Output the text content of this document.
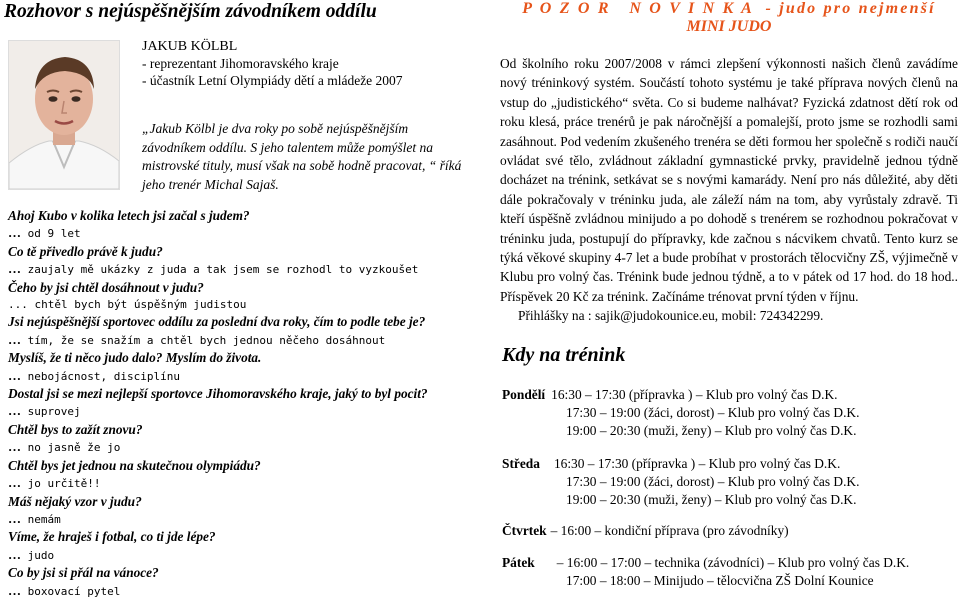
Rozhovor s nejúspěšnějším závodníkem oddílu
JAKUB KÖLBL
- reprezentant Jihomoravského kraje
- účastník Letní Olympiády dětí a mládeže 2007
„Jakub Kölbl je dva roky po sobě nejúspěšnějším závodníkem oddílu. S jeho talentem může pomýšlet na mistrovské tituly, musí však na sobě hodně pracovat, “ říká jeho trenér Michal Sajaš.
Ahoj Kubo v kolika letech jsi začal s judem?
… od 9 let
Co tě přivedlo právě k judu?
… zaujaly mě ukázky z juda a tak jsem se rozhodl to vyzkoušet
Čeho by jsi chtěl dosáhnout v judu?
... chtěl bych být úspěšným judistou
Jsi nejúspěšnější sportovec oddílu za poslední dva roky, čím to podle tebe je?
… tím, že se snažím a chtěl bych jednou něčeho dosáhnout
Myslíš, že ti něco judo dalo? Myslím do života.
… nebojácnost, disciplínu
Dostal jsi se mezi nejlepší sportovce Jihomoravského kraje, jaký to byl pocit?
… suprovej
Chtěl bys to zažít znovu?
… no jasně že jo
Chtěl bys jet jednou na skutečnou olympiádu?
… jo určitě!!
Máš nějaký vzor v judu?
… nemám
Víme, že hraješ i fotbal, co ti jde lépe?
… judo
Co by jsi si přál na vánoce?
… boxovací pytel
P O Z O R   N O V I N K A  - judo pro nejmenší
MINI JUDO

Od školního roku 2007/2008 v rámci zlepšení výkonnosti našich členů zavádíme nový tréninkový systém. Součástí tohoto systému je také příprava nových členů na vstup do „judistického“ světa. Co si budeme nalhávat? Fyzická zdatnost dětí rok od roku klesá, práce trenérů je pak náročnější a pomalejší, proto jsme se rozhodli sami zasáhnout. Pod vedením zkušeného trenéra se děti formou her společně s rodiči naučí ovládat své tělo, zvládnout základní gymnastické prvky, pravidelně jednou týdně docházet na trénink, setkávat se s novými kamarády. Není pro nás důležité, aby děti dále pokračovaly v tréninku juda, ale záleží nám na tom, aby vyrůstaly zdravě. Ti kteří úspěšně zvládnou minijudo a po dohodě s trenérem se rozhodnou pokračovat v tréninku juda, postupují do přípravky, kde začnou s nácvikem chvatů. Tento kurz se týká věkové skupiny 4-7 let a bude probíhat v prostorách tělocvičny ZŠ, výjimečně v Klubu pro volný čas. Trénink bude jednou týdně, a to v pátek od 17 hod. do 18 hod.. Příspěvek 20 Kč za trénink. Začínáme trénovat první týden v říjnu.

Přihlášky na : sajik@judokounice.eu, mobil: 724342299.

Kdy na trénink
Pondělí 16:30 – 17:30 (přípravka ) – Klub pro volný čas D.K.
17:30 – 19:00 (žáci, dorost) – Klub pro volný čas D.K.
19:00 – 20:30 (muži, ženy) – Klub pro volný čas D.K.
Středa 16:30 – 17:30 (přípravka ) – Klub pro volný čas D.K.
17:30 – 19:00 (žáci, dorost) – Klub pro volný čas D.K.
19:00 – 20:30 (muži, ženy) – Klub pro volný čas D.K.
Čtvrtek – 16:00 – kondiční příprava (pro závodníky)
Pátek – 16:00 – 17:00 – technika (závodníci) – Klub pro volný čas D.K.
17:00 – 18:00 – Minijudo – tělocvična ZŠ Dolní Kounice
